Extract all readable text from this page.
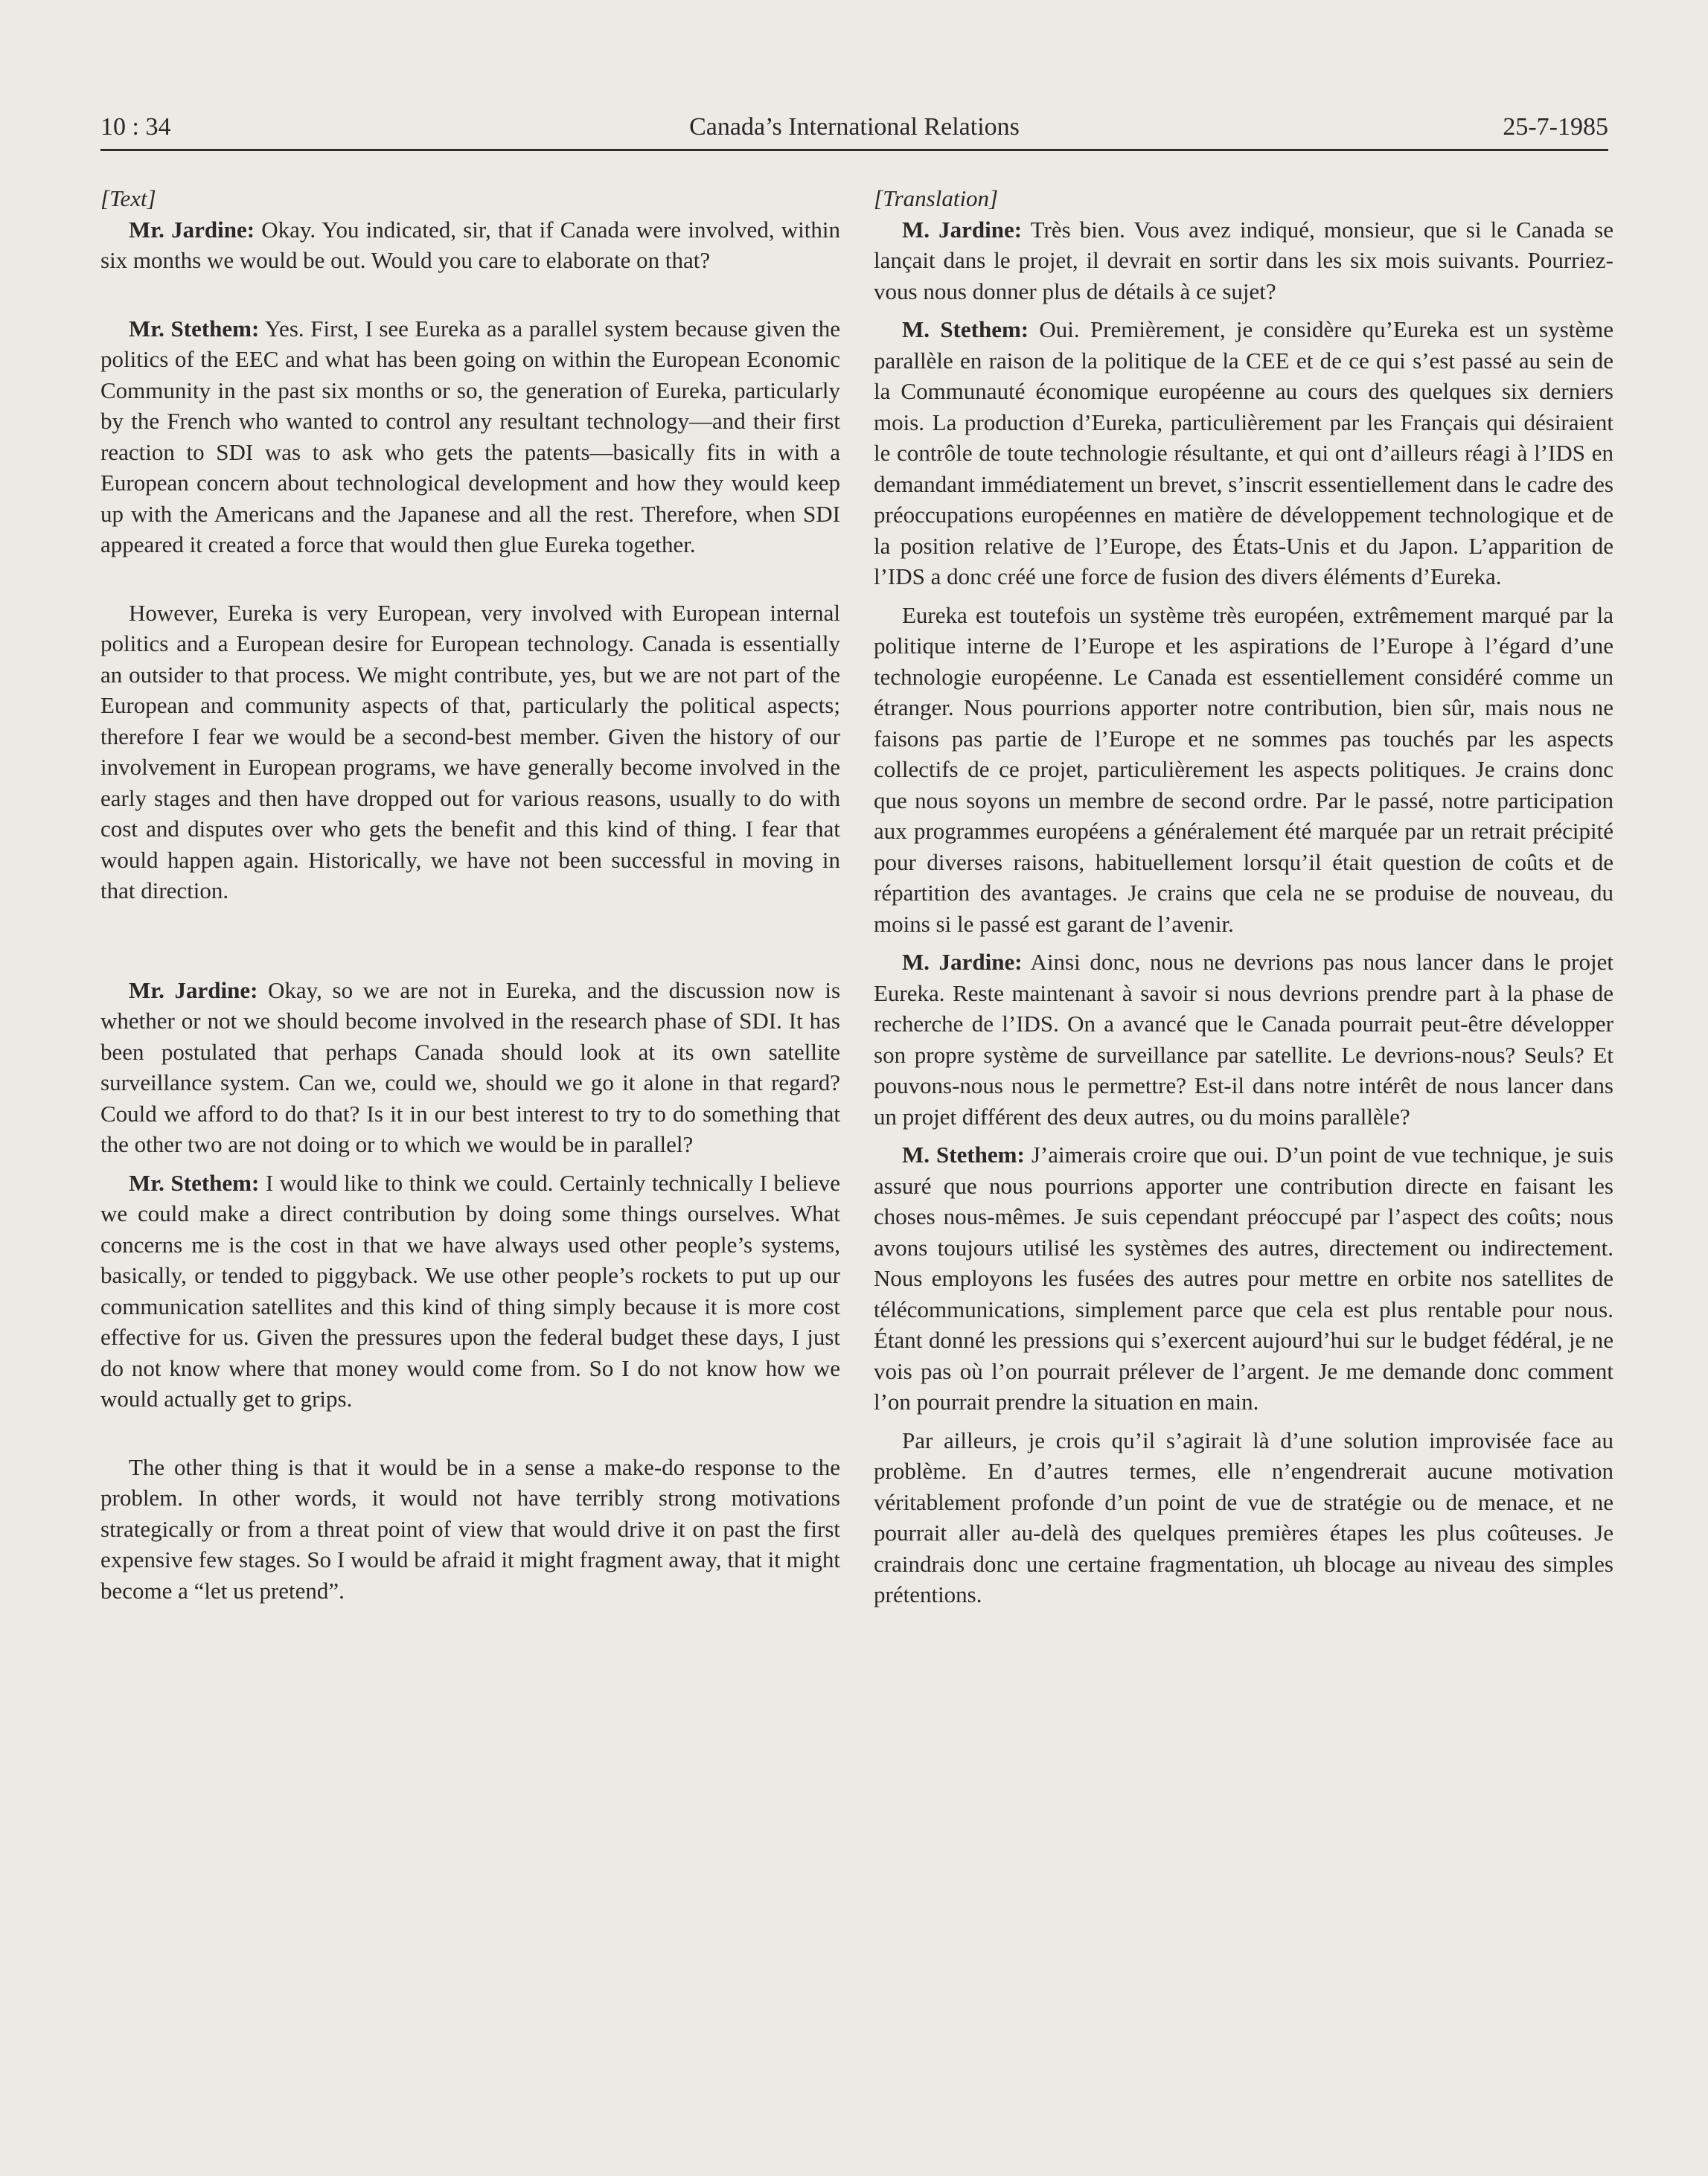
10 : 34	Canada’s International Relations	25-7-1985

[Text]

Mr. Jardine: Okay. You indicated, sir, that if Canada were involved, within six months we would be out. Would you care to elaborate on that?

Mr. Stethem: Yes. First, I see Eureka as a parallel system because given the politics of the EEC and what has been going on within the European Economic Community in the past six months or so, the generation of Eureka, particularly by the French who wanted to control any resultant technology—and their first reaction to SDI was to ask who gets the patents—basically fits in with a European concern about technological development and how they would keep up with the Americans and the Japanese and all the rest. Therefore, when SDI appeared it created a force that would then glue Eureka together.

However, Eureka is very European, very involved with European internal politics and a European desire for European technology. Canada is essentially an outsider to that process. We might contribute, yes, but we are not part of the European and community aspects of that, particularly the political aspects; therefore I fear we would be a second-best member. Given the history of our involvement in European programs, we have generally become involved in the early stages and then have dropped out for various reasons, usually to do with cost and disputes over who gets the benefit and this kind of thing. I fear that would happen again. Historically, we have not been successful in moving in that direction.

Mr. Jardine: Okay, so we are not in Eureka, and the discussion now is whether or not we should become involved in the research phase of SDI. It has been postulated that perhaps Canada should look at its own satellite surveillance system. Can we, could we, should we go it alone in that regard? Could we afford to do that? Is it in our best interest to try to do something that the other two are not doing or to which we would be in parallel?

Mr. Stethem: I would like to think we could. Certainly technically I believe we could make a direct contribution by doing some things ourselves. What concerns me is the cost in that we have always used other people’s systems, basically, or tended to piggyback. We use other people’s rockets to put up our communication satellites and this kind of thing simply because it is more cost effective for us. Given the pressures upon the federal budget these days, I just do not know where that money would come from. So I do not know how we would actually get to grips.

The other thing is that it would be in a sense a make-do response to the problem. In other words, it would not have terribly strong motivations strategically or from a threat point of view that would drive it on past the first expensive few stages. So I would be afraid it might fragment away, that it might become a “let us pretend”.

[Translation]

M. Jardine: Très bien. Vous avez indiqué, monsieur, que si le Canada se lançait dans le projet, il devrait en sortir dans les six mois suivants. Pourriez-vous nous donner plus de détails à ce sujet?

M. Stethem: Oui. Premièrement, je considère qu’Eureka est un système parallèle en raison de la politique de la CEE et de ce qui s’est passé au sein de la Communauté économique européenne au cours des quelques six derniers mois. La production d’Eureka, particulièrement par les Français qui désiraient le contrôle de toute technologie résultante, et qui ont d’ailleurs réagi à l’IDS en demandant immédiatement un brevet, s’inscrit essentiellement dans le cadre des préoccupations européennes en matière de développement technologique et de la position relative de l’Europe, des États-Unis et du Japon. L’apparition de l’IDS a donc créé une force de fusion des divers éléments d’Eureka.

Eureka est toutefois un système très européen, extrêmement marqué par la politique interne de l’Europe et les aspirations de l’Europe à l’égard d’une technologie européenne. Le Canada est essentiellement considéré comme un étranger. Nous pourrions apporter notre contribution, bien sûr, mais nous ne faisons pas partie de l’Europe et ne sommes pas touchés par les aspects collectifs de ce projet, particulièrement les aspects politiques. Je crains donc que nous soyons un membre de second ordre. Par le passé, notre participation aux programmes européens a généralement été marquée par un retrait précipité pour diverses raisons, habituellement lorsqu’il était question de coûts et de répartition des avantages. Je crains que cela ne se produise de nouveau, du moins si le passé est garant de l’avenir.

M. Jardine: Ainsi donc, nous ne devrions pas nous lancer dans le projet Eureka. Reste maintenant à savoir si nous devrions prendre part à la phase de recherche de l’IDS. On a avancé que le Canada pourrait peut-être développer son propre système de surveillance par satellite. Le devrions-nous? Seuls? Et pouvons-nous nous le permettre? Est-il dans notre intérêt de nous lancer dans un projet différent des deux autres, ou du moins parallèle?

M. Stethem: J’aimerais croire que oui. D’un point de vue technique, je suis assuré que nous pourrions apporter une contribution directe en faisant les choses nous-mêmes. Je suis cependant préoccupé par l’aspect des coûts; nous avons toujours utilisé les systèmes des autres, directement ou indirectement. Nous employons les fusées des autres pour mettre en orbite nos satellites de télécommunications, simplement parce que cela est plus rentable pour nous. Étant donné les pressions qui s’exercent aujourd’hui sur le budget fédéral, je ne vois pas où l’on pourrait prélever de l’argent. Je me demande donc comment l’on pourrait prendre la situation en main.

Par ailleurs, je crois qu’il s’agirait là d’une solution improvisée face au problème. En d’autres termes, elle n’engendrerait aucune motivation véritablement profonde d’un point de vue de stratégie ou de menace, et ne pourrait aller au-delà des quelques premières étapes les plus coûteuses. Je craindrais donc une certaine fragmentation, uh blocage au niveau des simples prétentions.
